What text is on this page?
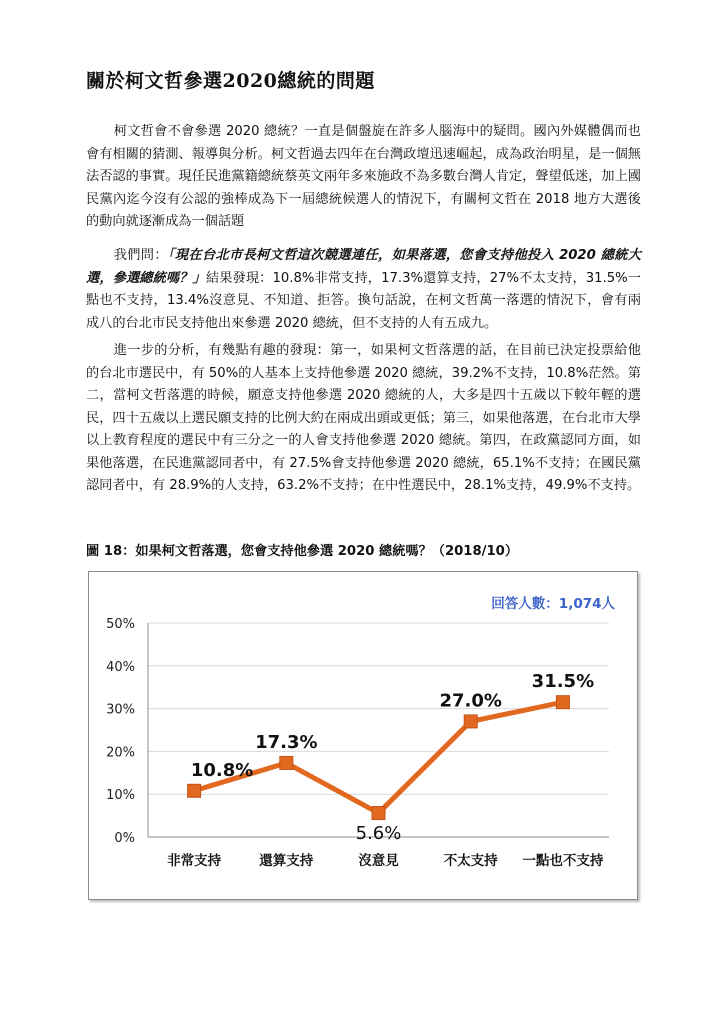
關於柯文哲參選2020總統的問題

柯文哲會不會參選 2020 總統？一直是個盤旋在許多人腦海中的疑問。國內外媒體偶而也會有相關的猜測、報導與分析。柯文哲過去四年在台灣政壇迅速崛起，成為政治明星，是一個無法否認的事實。現任民進黨籍總統蔡英文兩年多來施政不為多數台灣人肯定，聲望低迷，加上國民黨內迄今沒有公認的強棒成為下一屆總統候選人的情況下，有關柯文哲在 2018 地方大選後的動向就逐漸成為一個話題

我們問：「現在台北市長柯文哲這次競選連任，如果落選，您會支持他投入 2020 總統大選，參選總統嗎？」結果發現：10.8%非常支持，17.3%還算支持，27%不太支持，31.5%一點也不支持，13.4%沒意見、不知道、拒答。換句話說，在柯文哲萬一落選的情況下，會有兩成八的台北市民支持他出來參選 2020 總統，但不支持的人有五成九。

進一步的分析，有幾點有趣的發現：第一，如果柯文哲落選的話，在目前已決定投票給他的台北市選民中，有 50%的人基本上支持他參選 2020 總統，39.2%不支持，10.8%茫然。第二，當柯文哲落選的時候，願意支持他參選 2020 總統的人，大多是四十五歲以下較年輕的選民，四十五歲以上選民願支持的比例大約在兩成出頭或更低；第三，如果他落選，在台北市大學以上教育程度的選民中有三分之一的人會支持他參選 2020 總統。第四，在政黨認同方面，如果他落選，在民進黨認同者中，有 27.5%會支持他參選 2020 總統，65.1%不支持；在國民黨認同者中，有 28.9%的人支持，63.2%不支持；在中性選民中，28.1%支持，49.9%不支持。

圖 18：如果柯文哲落選，您會支持他參選 2020 總統嗎？（2018/10）
回答人數：1,074人
0%
10%
20%
30%
40%
50%
非常支持	還算支持	沒意見	不太支持 一點也不支持
10.8%
17.3%
5.6%
27.0%
31.5%
